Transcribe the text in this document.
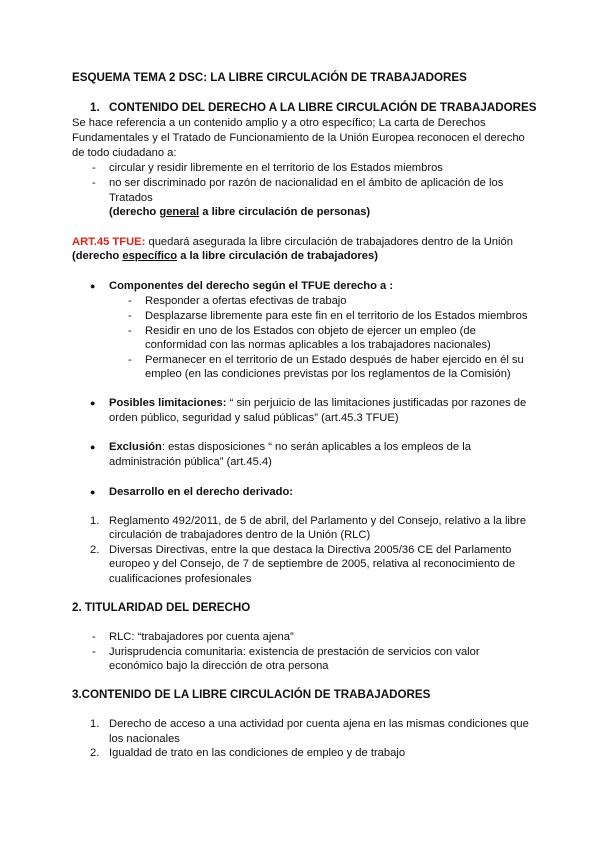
ESQUEMA TEMA 2 DSC: LA LIBRE CIRCULACIÓN DE TRABAJADORES
1. CONTENIDO DEL DERECHO A LA LIBRE CIRCULACIÓN DE TRABAJADORES
Se hace referencia a un contenido amplio y a otro específico; La carta de Derechos
Fundamentales y el Tratado de Funcionamiento de la Unión Europea reconocen el derecho
de todo ciudadano a:
- circular y residir libremente en el territorio de los Estados miembros
- no ser discriminado por razón de nacionalidad en el ámbito de aplicación de los
Tratados
(derecho general a libre circulación de personas)
ART.45 TFUE: quedará asegurada la libre circulación de trabajadores dentro de la Unión
(derecho específico a la libre circulación de trabajadores)
● Componentes del derecho según el TFUE derecho a :
- Responder a ofertas efectivas de trabajo
- Desplazarse libremente para este fin en el territorio de los Estados miembros
- Residir en uno de los Estados con objeto de ejercer un empleo (de
conformidad con las normas aplicables a los trabajadores nacionales)
- Permanecer en el territorio de un Estado después de haber ejercido en él su
empleo (en las condiciones previstas por los reglamentos de la Comisión)
● Posibles limitaciones: “ sin perjuicio de las limitaciones justificadas por razones de
orden público, seguridad y salud públicas” (art.45.3 TFUE)
● Exclusión: estas disposiciones “ no serán aplicables a los empleos de la
administración pública” (art.45.4)
● Desarrollo en el derecho derivado:
1. Reglamento 492/2011, de 5 de abril, del Parlamento y del Consejo, relativo a la libre
circulación de trabajadores dentro de la Unión (RLC)
2. Diversas Directivas, entre la que destaca la Directiva 2005/36 CE del Parlamento
europeo y del Consejo, de 7 de septiembre de 2005, relativa al reconocimiento de
cualificaciones profesionales
2. TITULARIDAD DEL DERECHO
- RLC: “trabajadores por cuenta ajena”
- Jurisprudencia comunitaria: existencia de prestación de servicios con valor
económico bajo la dirección de otra persona
3.CONTENIDO DE LA LIBRE CIRCULACIÓN DE TRABAJADORES
1. Derecho de acceso a una actividad por cuenta ajena en las mismas condiciones que
los nacionales
2. Igualdad de trato en las condiciones de empleo y de trabajo
